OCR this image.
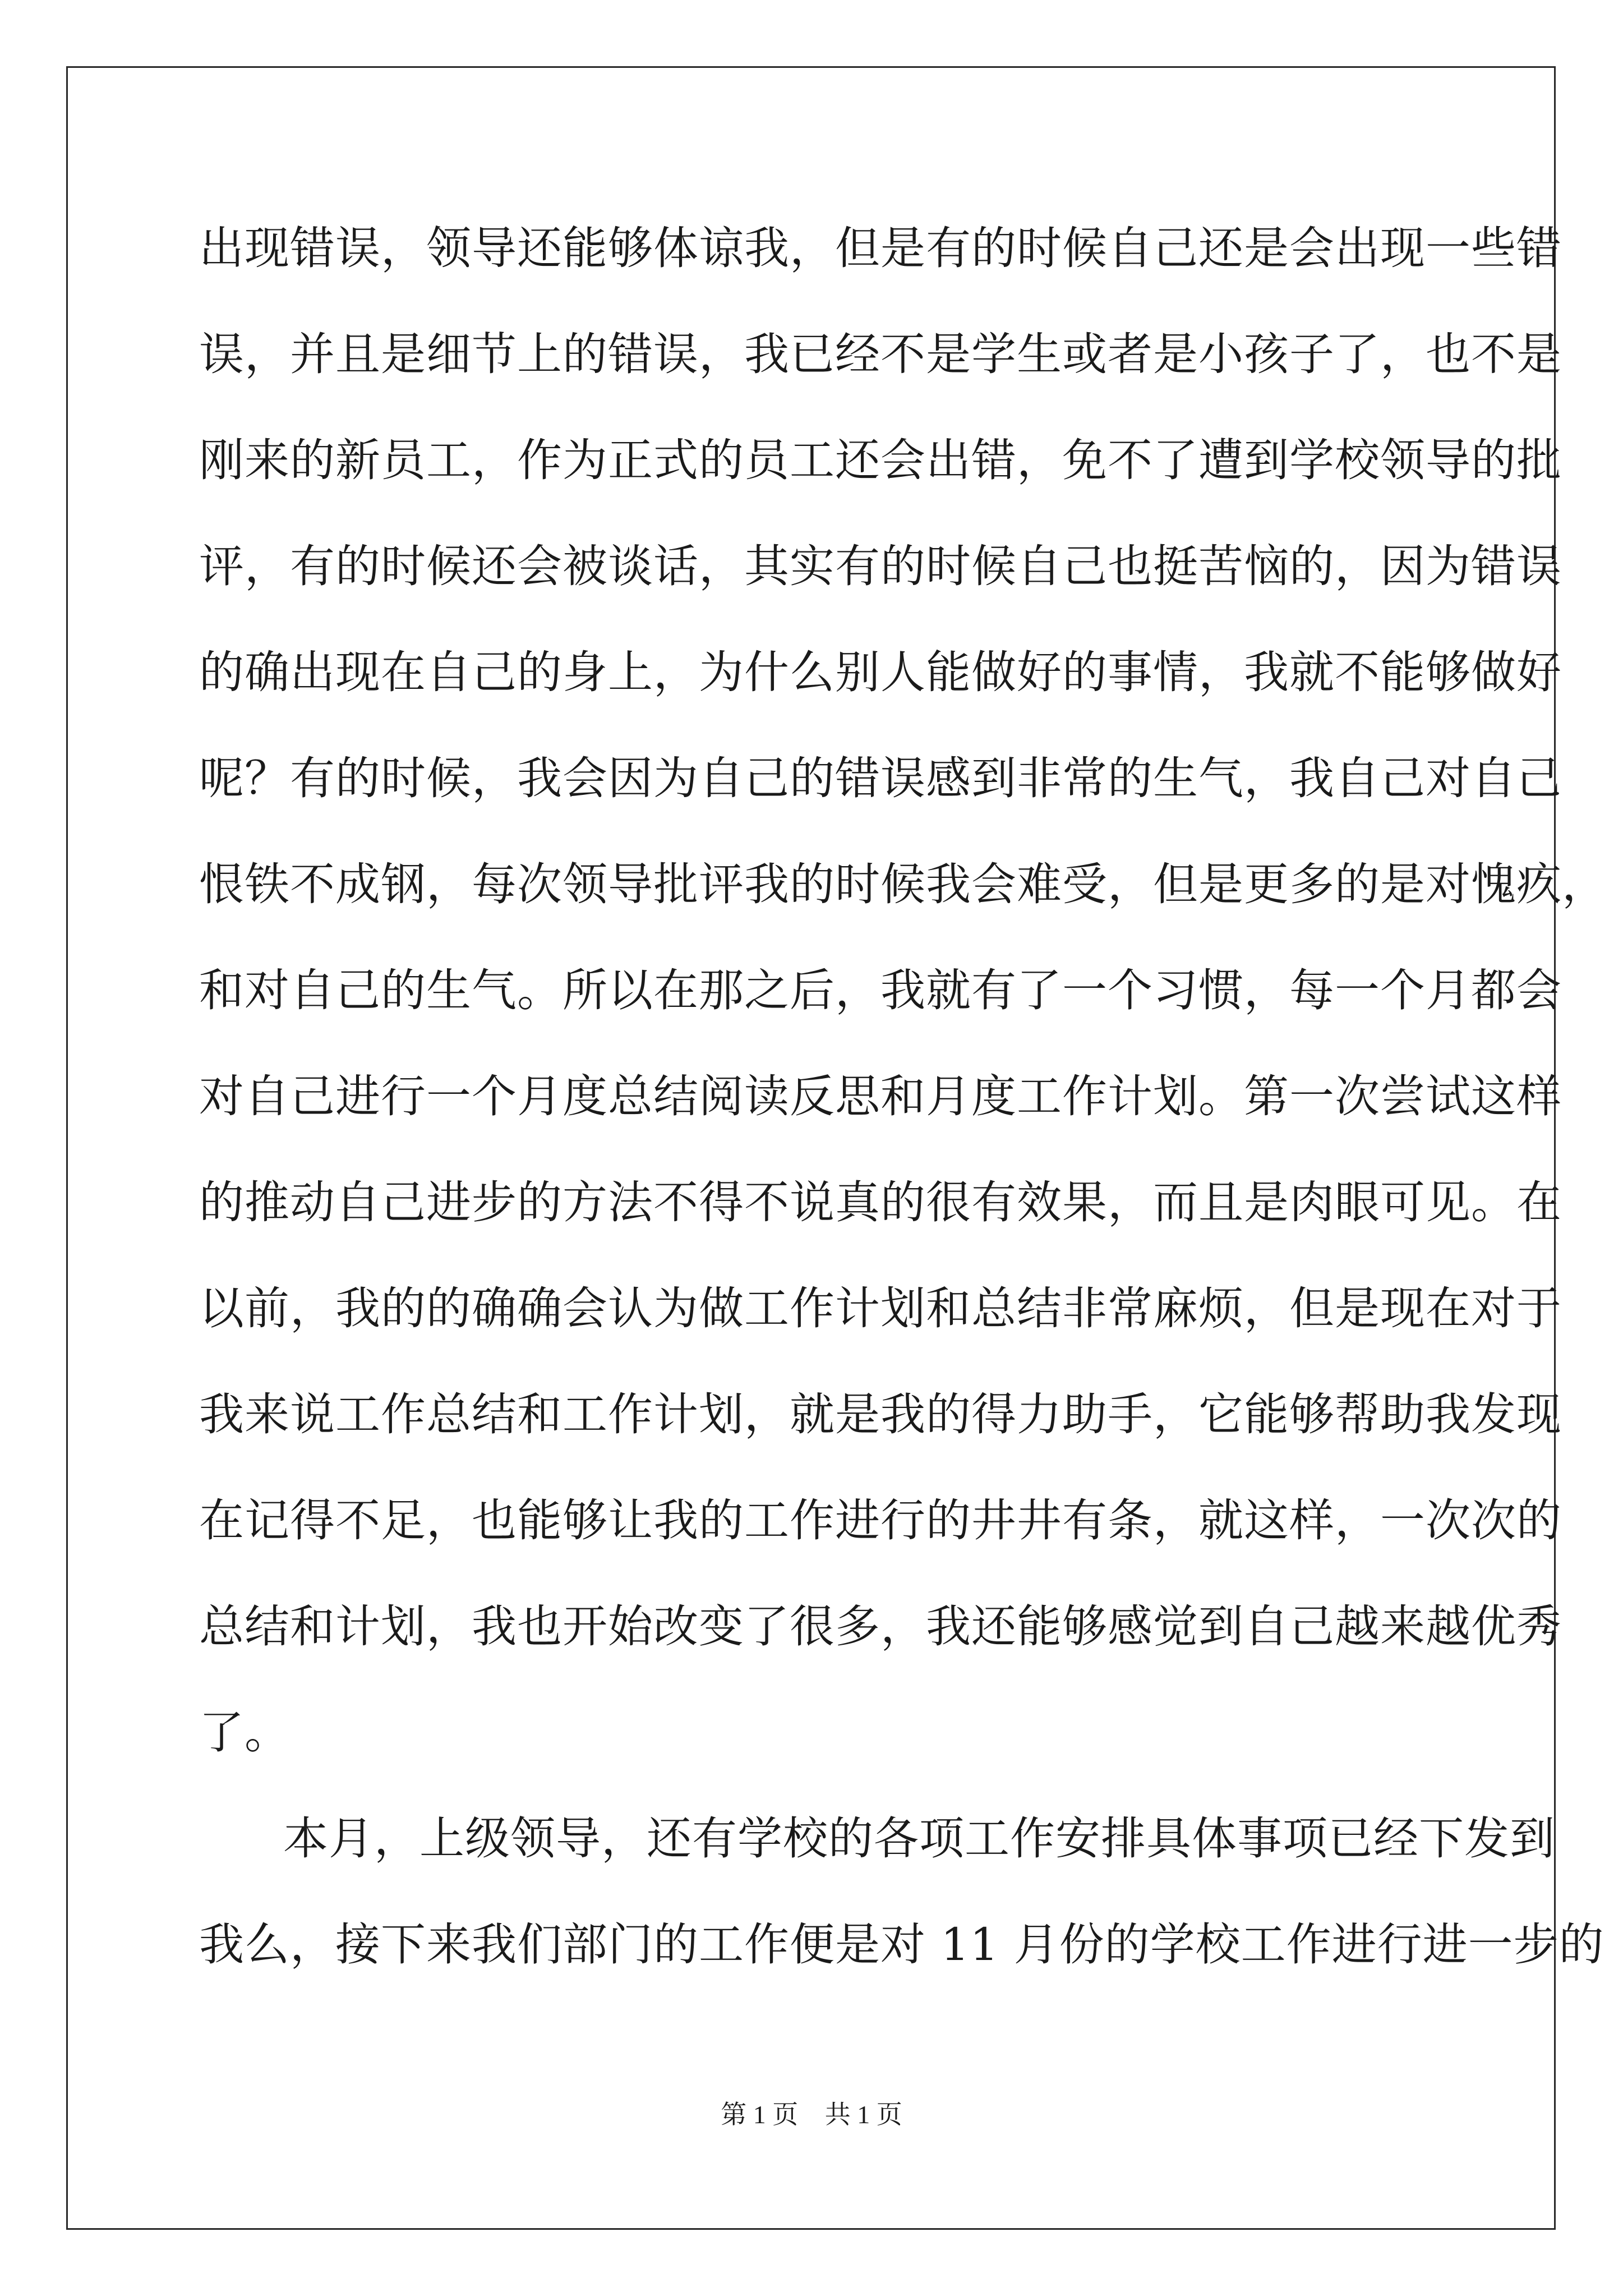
出现错误，领导还能够体谅我，但是有的时候自己还是会出现一些错
误，并且是细节上的错误，我已经不是学生或者是小孩子了，也不是
刚来的新员工，作为正式的员工还会出错，免不了遭到学校领导的批
评，有的时候还会被谈话，其实有的时候自己也挺苦恼的，因为错误
的确出现在自己的身上，为什么别人能做好的事情，我就不能够做好
呢？有的时候，我会因为自己的错误感到非常的生气，我自己对自己
恨铁不成钢，每次领导批评我的时候我会难受，但是更多的是对愧疚，
和对自己的生气。所以在那之后，我就有了一个习惯，每一个月都会
对自己进行一个月度总结阅读反思和月度工作计划。第一次尝试这样
的推动自己进步的方法不得不说真的很有效果，而且是肉眼可见。在
以前，我的的确确会认为做工作计划和总结非常麻烦，但是现在对于
我来说工作总结和工作计划，就是我的得力助手，它能够帮助我发现
在记得不足，也能够让我的工作进行的井井有条，就这样，一次次的
总结和计划，我也开始改变了很多，我还能够感觉到自己越来越优秀
了。
本月，上级领导，还有学校的各项工作安排具体事项已经下发到
我么，接下来我们部门的工作便是对 11 月份的学校工作进行进一步的
第 1 页 共 1 页
